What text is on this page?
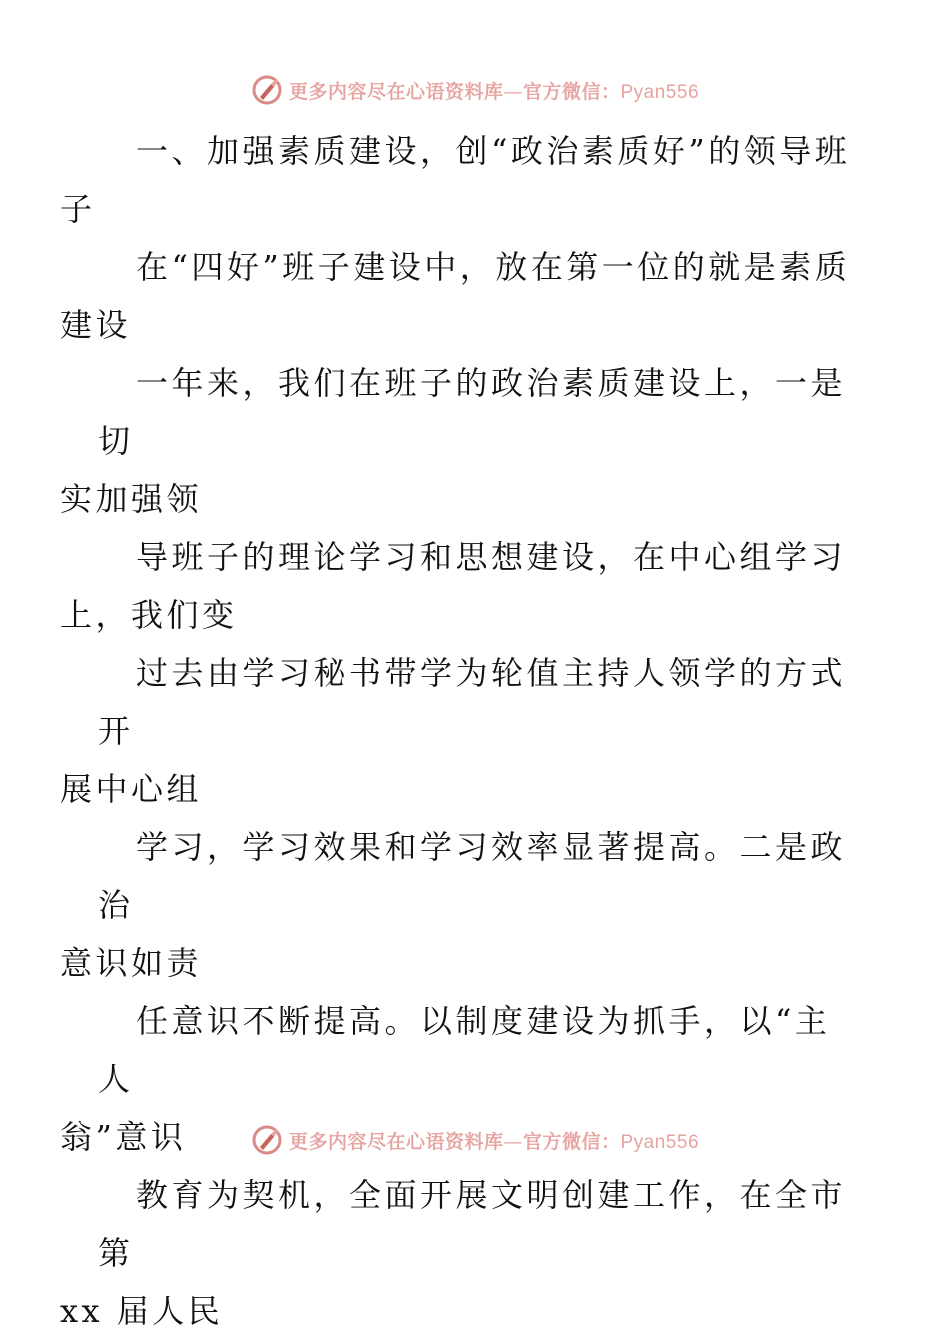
更多内容尽在心语资料库—官方微信：Pyan556

一、加强素质建设，创“政治素质好”的领导班
子

在“四好”班子建设中，放在第一位的就是素质
建设

一年来，我们在班子的政治素质建设上，一是切
实加强领

导班子的理论学习和思想建设，在中心组学习
上，我们变

过去由学习秘书带学为轮值主持人领学的方式开
展中心组

学习，学习效果和学习效率显著提高。二是政治
意识如责

任意识不断提高。以制度建设为抓手，以“主人
翁”意识

教育为契机，全面开展文明创建工作，在全市第
xx 届人民

更多内容尽在心语资料库—官方微信：Pyan556
